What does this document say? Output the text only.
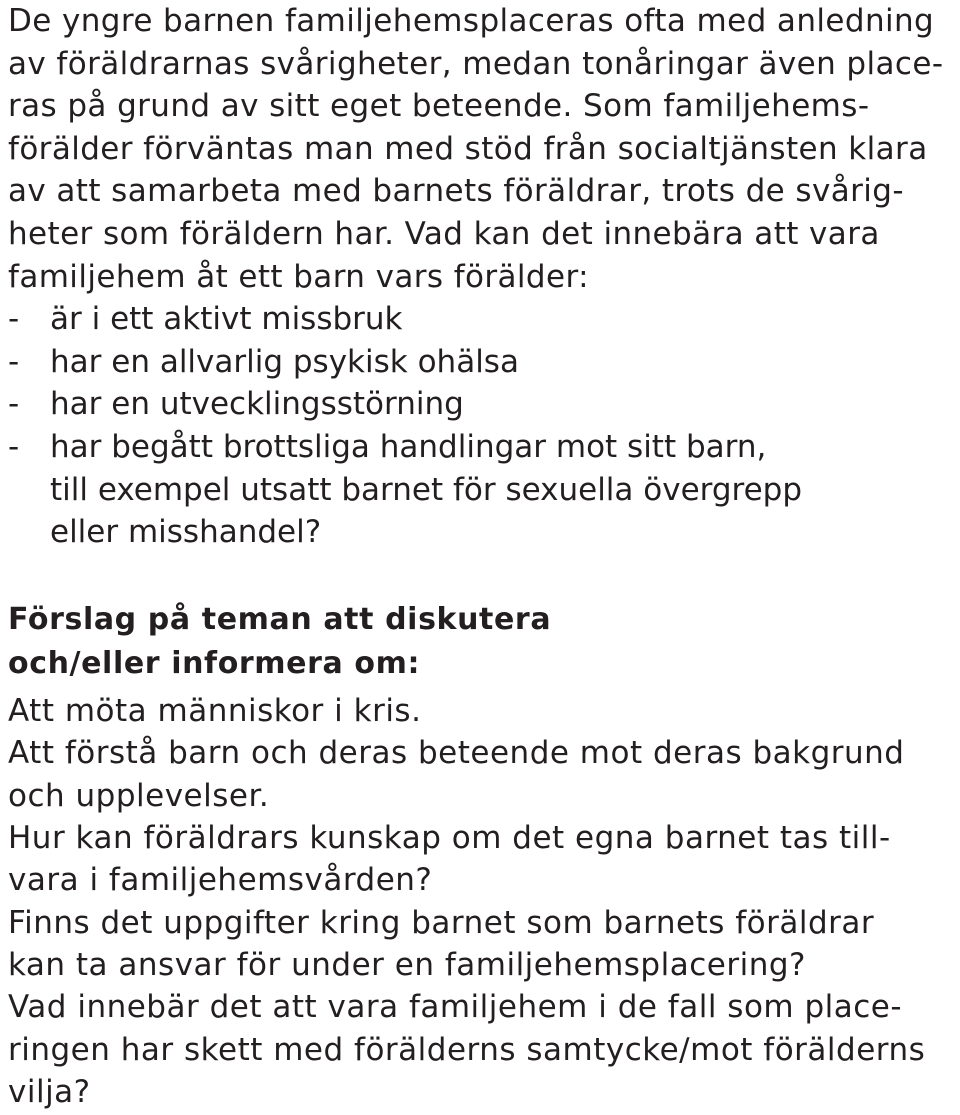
De yngre barnen familjehemsplaceras ofta med anledning
av föräldrarnas svårigheter, medan tonåringar även place-
ras på grund av sitt eget beteende. Som familjehems-
förälder förväntas man med stöd från socialtjänsten klara
av att samarbeta med barnets föräldrar, trots de svårig-
heter som föräldern har. Vad kan det innebära att vara
familjehem åt ett barn vars förälder:
- är i ett aktivt missbruk
- har en allvarlig psykisk ohälsa
- har en utvecklingsstörning
- har begått brottsliga handlingar mot sitt barn,
till exempel utsatt barnet för sexuella övergrepp
eller misshandel?
Förslag på teman att diskutera
och/eller informera om:
Att möta människor i kris.
Att förstå barn och deras beteende mot deras bakgrund
och upplevelser.
Hur kan föräldrars kunskap om det egna barnet tas till-
vara i familjehemsvården?
Finns det uppgifter kring barnet som barnets föräldrar
kan ta ansvar för under en familjehemsplacering?
Vad innebär det att vara familjehem i de fall som place-
ringen har skett med förälderns samtycke/mot förälderns
vilja?
